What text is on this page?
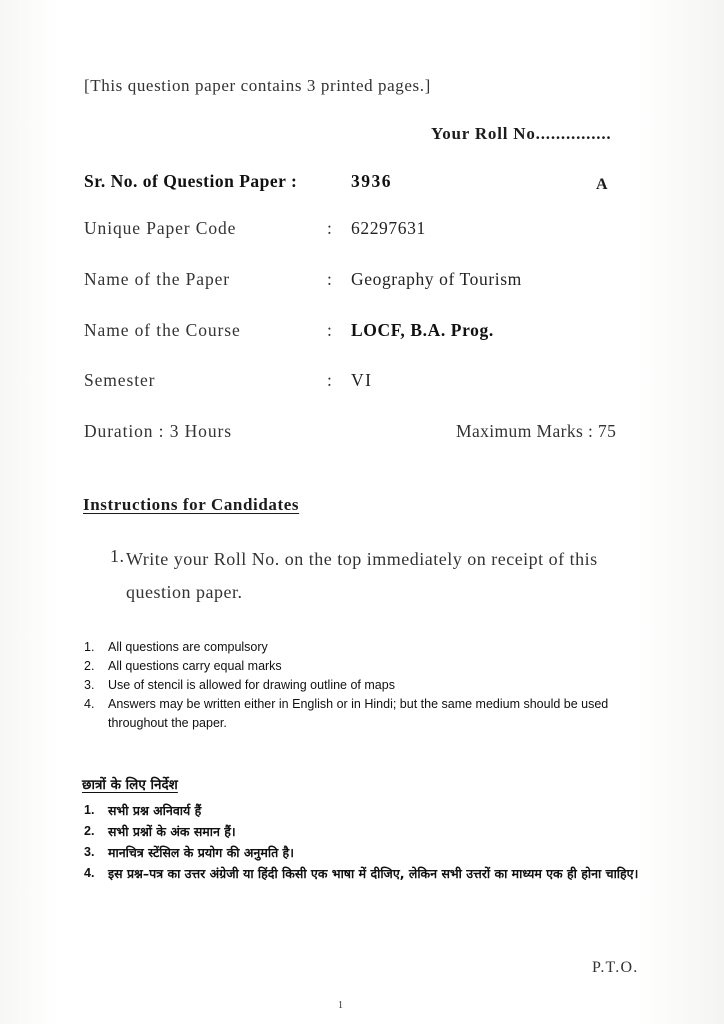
[This question paper contains 3 printed pages.]
Your Roll No...............
Sr. No. of Question Paper :	3936	A
Unique Paper Code	: 62297631
Name of the Paper	: Geography of Tourism
Name of the Course	: LOCF, B.A. Prog.
Semester	: VI
Duration : 3 Hours	Maximum Marks : 75
Instructions for Candidates
1. Write your Roll No. on the top immediately on receipt of this question paper.
1. All questions are compulsory
2. All questions carry equal marks
3. Use of stencil is allowed for drawing outline of maps
4. Answers may be written either in English or in Hindi; but the same medium should be used throughout the paper.
छात्रों के लिए निर्देश
1. सभी प्रश्न अनिवार्य हैं
2. सभी प्रश्नों के अंक समान हैं।
3. मानचित्र स्टेंसिल के प्रयोग की अनुमति है।
4. इस प्रश्न–पत्र का उत्तर अंग्रेजी या हिंदी किसी एक भाषा में दीजिए, लेकिन सभी उत्तरों का माध्यम एक ही होना चाहिए।
P.T.O.
1
